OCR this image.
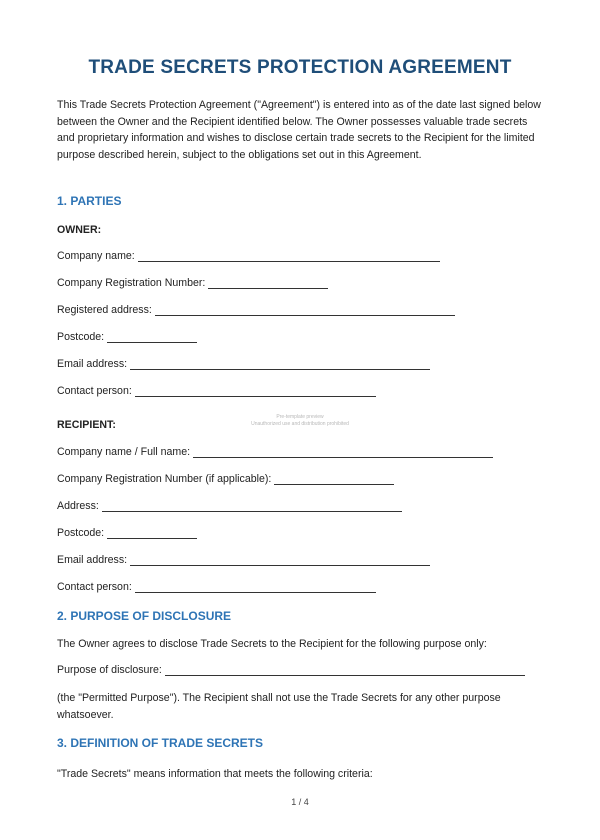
TRADE SECRETS PROTECTION AGREEMENT
This Trade Secrets Protection Agreement ("Agreement") is entered into as of the date last signed below between the Owner and the Recipient identified below. The Owner possesses valuable trade secrets and proprietary information and wishes to disclose certain trade secrets to the Recipient for the limited purpose described herein, subject to the obligations set out in this Agreement.
1. PARTIES
OWNER:
Company name:
Company Registration Number:
Registered address:
Postcode:
Email address:
Contact person:
RECIPIENT:
Pre-template preview
Unauthorized use and distribution prohibited
Company name / Full name:
Company Registration Number (if applicable):
Address:
Postcode:
Email address:
Contact person:
2. PURPOSE OF DISCLOSURE
The Owner agrees to disclose Trade Secrets to the Recipient for the following purpose only:
Purpose of disclosure:
(the "Permitted Purpose"). The Recipient shall not use the Trade Secrets for any other purpose whatsoever.
3. DEFINITION OF TRADE SECRETS
"Trade Secrets" means information that meets the following criteria:
1 / 4
